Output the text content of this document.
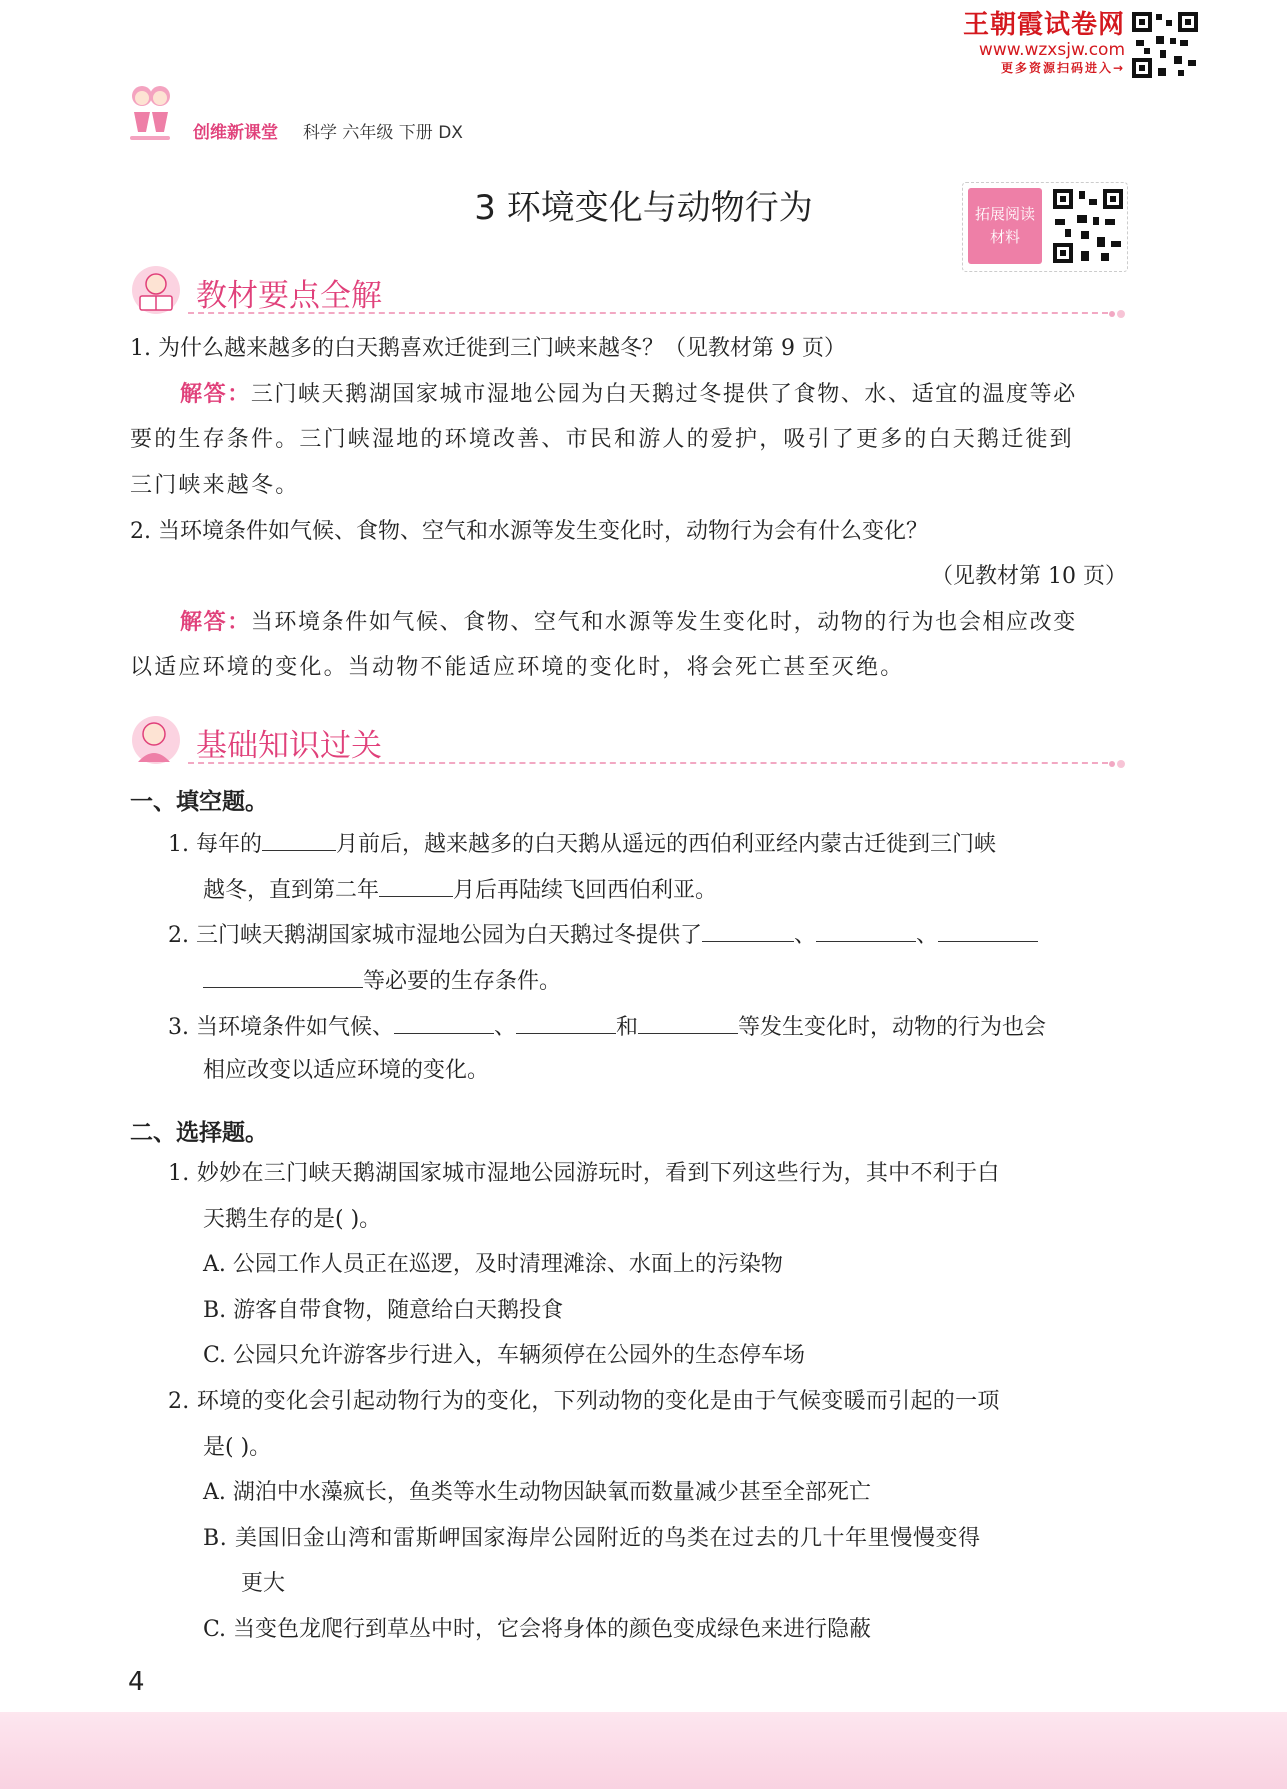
创维新课堂 科学 六年级 下册 DX
王朝霞试卷网
www.wzxsjw.com
更多资源扫码进入→
3 环境变化与动物行为	拓展阅读
材料
教材要点全解
1. 为什么越来越多的白天鹅喜欢迁徙到三门峡来越冬？（见教材第 9 页）
解答：三门峡天鹅湖国家城市湿地公园为白天鹅过冬提供了食物、水、适宜的温度等必
要的生存条件。三门峡湿地的环境改善、市民和游人的爱护，吸引了更多的白天鹅迁徙到
三门峡来越冬。
2. 当环境条件如气候、食物、空气和水源等发生变化时，动物行为会有什么变化？
（见教材第 10 页）
解答：当环境条件如气候、食物、空气和水源等发生变化时，动物的行为也会相应改变
以适应环境的变化。当动物不能适应环境的变化时，将会死亡甚至灭绝。
基础知识过关
一、填空题。
1. 每年的	月前后，越来越多的白天鹅从遥远的西伯利亚经内蒙古迁徙到三门峡
越冬，直到第二年	月后再陆续飞回西伯利亚。
2. 三门峡天鹅湖国家城市湿地公园为白天鹅过冬提供了	、	、
等必要的生存条件。
3. 当环境条件如气候、	、	和	等发生变化时，动物的行为也会
相应改变以适应环境的变化。
二、选择题。
1. 妙妙在三门峡天鹅湖国家城市湿地公园游玩时，看到下列这些行为，其中不利于白
天鹅生存的是( )。
A. 公园工作人员正在巡逻，及时清理滩涂、水面上的污染物
B. 游客自带食物，随意给白天鹅投食
C. 公园只允许游客步行进入，车辆须停在公园外的生态停车场
2. 环境的变化会引起动物行为的变化，下列动物的变化是由于气候变暖而引起的一项
是( )。
A. 湖泊中水藻疯长，鱼类等水生动物因缺氧而数量减少甚至全部死亡
B. 美国旧金山湾和雷斯岬国家海岸公园附近的鸟类在过去的几十年里慢慢变得
更大
C. 当变色龙爬行到草丛中时，它会将身体的颜色变成绿色来进行隐蔽
4
